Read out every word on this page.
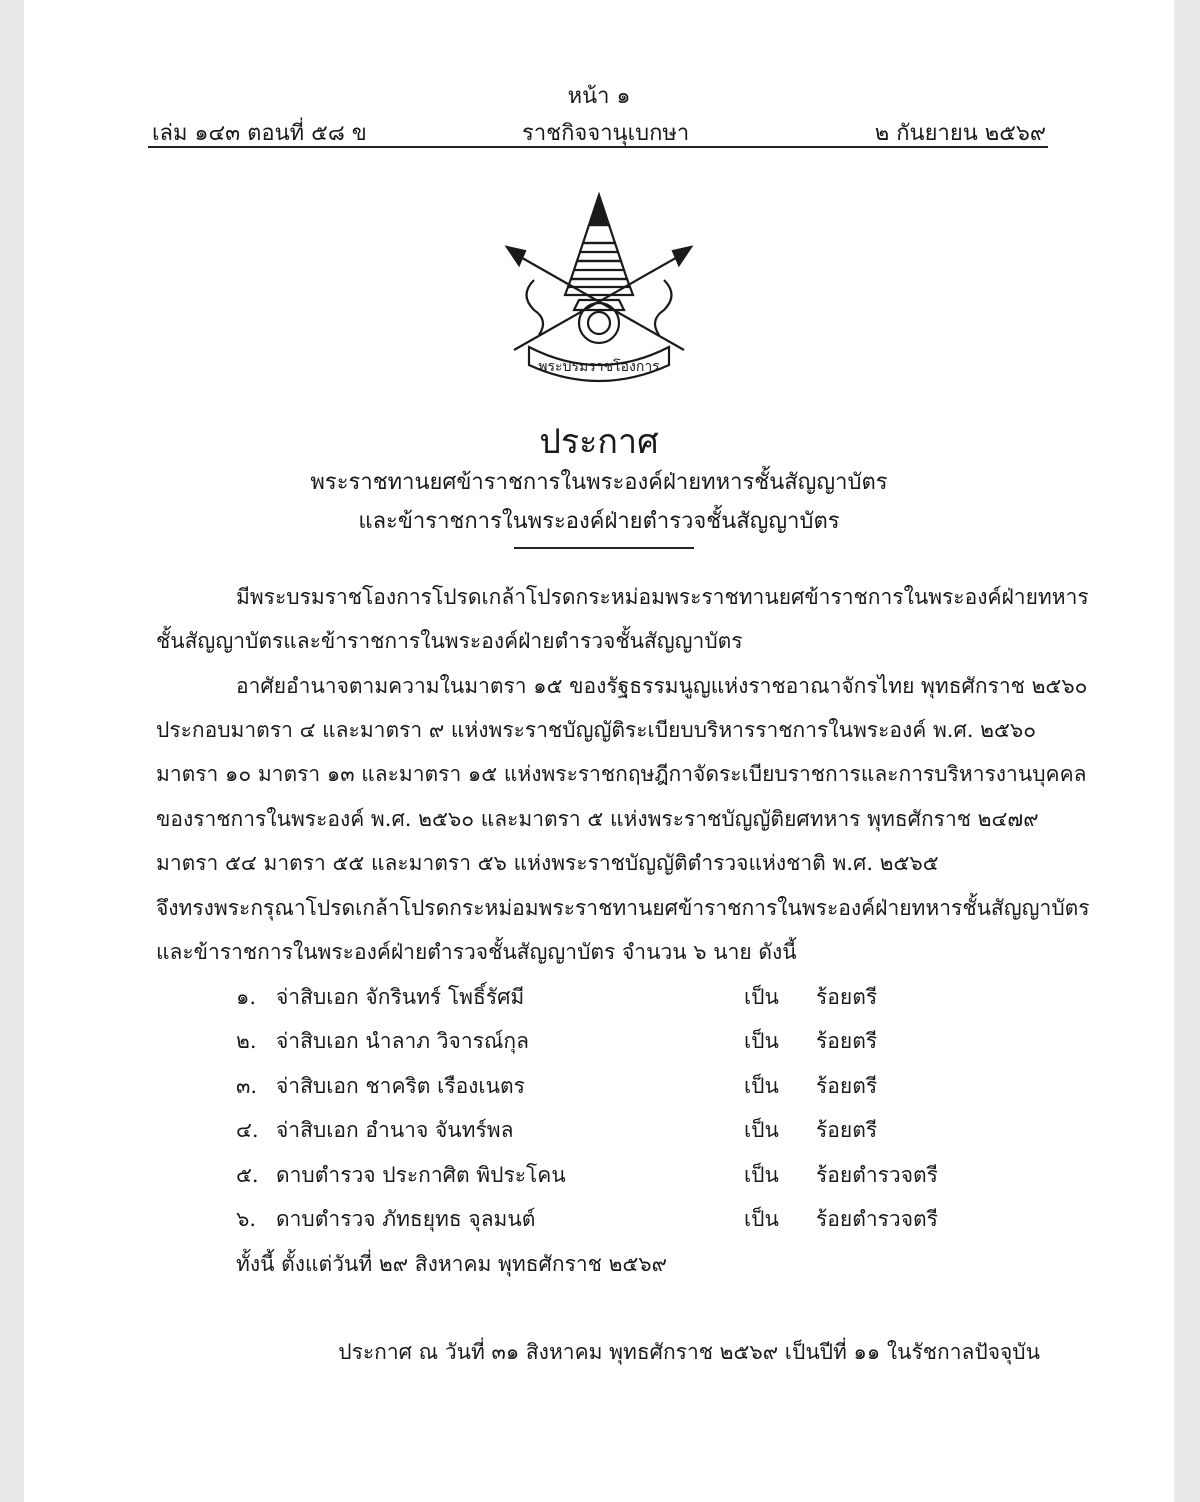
หน้า ๑
เล่ม ๑๔๓ ตอนที่ ๕๘ ข	ราชกิจจานุเบกษา	๒ กันยายน ๒๕๖๙
พระบรมราชโองการ
ประกาศ
พระราชทานยศข้าราชการในพระองค์ฝ่ายทหารชั้นสัญญาบัตร
และข้าราชการในพระองค์ฝ่ายตำรวจชั้นสัญญาบัตร
มีพระบรมราชโองการโปรดเกล้าโปรดกระหม่อมพระราชทานยศข้าราชการในพระองค์ฝ่ายทหาร
ชั้นสัญญาบัตรและข้าราชการในพระองค์ฝ่ายตำรวจชั้นสัญญาบัตร
อาศัยอำนาจตามความในมาตรา ๑๕ ของรัฐธรรมนูญแห่งราชอาณาจักรไทย พุทธศักราช ๒๕๖๐
ประกอบมาตรา ๔ และมาตรา ๙ แห่งพระราชบัญญัติระเบียบบริหารราชการในพระองค์ พ.ศ. ๒๕๖๐
มาตรา ๑๐ มาตรา ๑๓ และมาตรา ๑๕ แห่งพระราชกฤษฎีกาจัดระเบียบราชการและการบริหารงานบุคคล
ของราชการในพระองค์ พ.ศ. ๒๕๖๐ และมาตรา ๕ แห่งพระราชบัญญัติยศทหาร พุทธศักราช ๒๔๗๙
มาตรา ๕๔ มาตรา ๕๕ และมาตรา ๕๖ แห่งพระราชบัญญัติตำรวจแห่งชาติ พ.ศ. ๒๕๖๕
จึงทรงพระกรุณาโปรดเกล้าโปรดกระหม่อมพระราชทานยศข้าราชการในพระองค์ฝ่ายทหารชั้นสัญญาบัตร
และข้าราชการในพระองค์ฝ่ายตำรวจชั้นสัญญาบัตร จำนวน ๖ นาย ดังนี้
๑. จ่าสิบเอก จักรินทร์ โพธิ์รัศมี	เป็น ร้อยตรี
๒. จ่าสิบเอก นำลาภ วิจารณ์กุล	เป็น ร้อยตรี
๓. จ่าสิบเอก ชาคริต เรืองเนตร	เป็น ร้อยตรี
๔. จ่าสิบเอก อำนาจ จันทร์พล	เป็น ร้อยตรี
๕. ดาบตำรวจ ประกาศิต พิประโคน	เป็น ร้อยตำรวจตรี
๖. ดาบตำรวจ ภัทธยุทธ จุลมนต์	เป็น ร้อยตำรวจตรี
ทั้งนี้ ตั้งแต่วันที่ ๒๙ สิงหาคม พุทธศักราช ๒๕๖๙
ประกาศ ณ วันที่ ๓๑ สิงหาคม พุทธศักราช ๒๕๖๙ เป็นปีที่ ๑๑ ในรัชกาลปัจจุบัน
